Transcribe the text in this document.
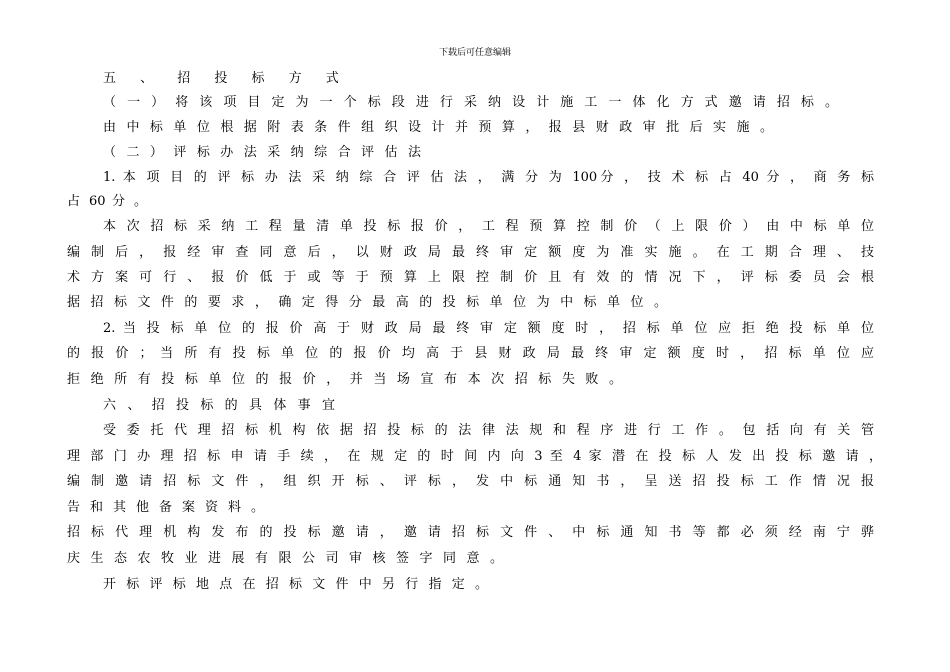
下载后可任意编辑
五 、 招 投 标 方 式
（ 一 ） 将 该 项 目 定 为 一 个 标 段 进 行 采 纳 设 计 施 工 一 体 化 方 式 邀 请 招 标 。
由 中 标 单 位 根 据 附 表 条 件 组 织 设 计 并 预 算 ， 报 县 财 政 审 批 后 实 施 。
（ 二 ） 评 标 办 法 采 纳 综 合 评 估 法
1. 本 项 目 的 评 标 办 法 采 纳 综 合 评 估 法 ， 满 分 为 100分 ， 技 术 标 占 40 分 ， 商 务 标
占 60 分 。
本 次 招 标 采 纳 工 程 量 清 单 投 标 报 价 ， 工 程 预 算 控 制 价 （ 上 限 价 ） 由 中 标 单 位
编 制 后 ， 报 经 审 查 同 意 后 ， 以 财 政 局 最 终 审 定 额 度 为 准 实 施 。 在 工 期 合 理 、 技
术 方 案 可 行 、 报 价 低 于 或 等 于 预 算 上 限 控 制 价 且 有 效 的 情 况 下 ， 评 标 委 员 会 根
据 招 标 文 件 的 要 求 ， 确 定 得 分 最 高 的 投 标 单 位 为 中 标 单 位 。
2. 当 投 标 单 位 的 报 价 高 于 财 政 局 最 终 审 定 额 度 时 ， 招 标 单 位 应 拒 绝 投 标 单 位
的 报 价 ； 当 所 有 投 标 单 位 的 报 价 均 高 于 县 财 政 局 最 终 审 定 额 度 时 ， 招 标 单 位 应
拒 绝 所 有 投 标 单 位 的 报 价 ， 并 当 场 宣 布 本 次 招 标 失 败 。
六 、 招 投 标 的 具 体 事 宜
受 委 托 代 理 招 标 机 构 依 据 招 投 标 的 法 律 法 规 和 程 序 进 行 工 作 。 包 括 向 有 关 管
理 部 门 办 理 招 标 申 请 手 续 ， 在 规 定 的 时 间 内 向 3 至 4 家 潜 在 投 标 人 发 出 投 标 邀 请 ，
编 制 邀 请 招 标 文 件 ， 组 织 开 标 、 评 标 ， 发 中 标 通 知 书 ， 呈 送 招 投 标 工 作 情 况 报
告 和 其 他 备 案 资 料 。
招 标 代 理 机 构 发 布 的 投 标 邀 请 ， 邀 请 招 标 文 件 、 中 标 通 知 书 等 都 必 须 经 南 宁 骅
庆 生 态 农 牧 业 进 展 有 限 公 司 审 核 签 字 同 意 。
开 标 评 标 地 点 在 招 标 文 件 中 另 行 指 定 。
